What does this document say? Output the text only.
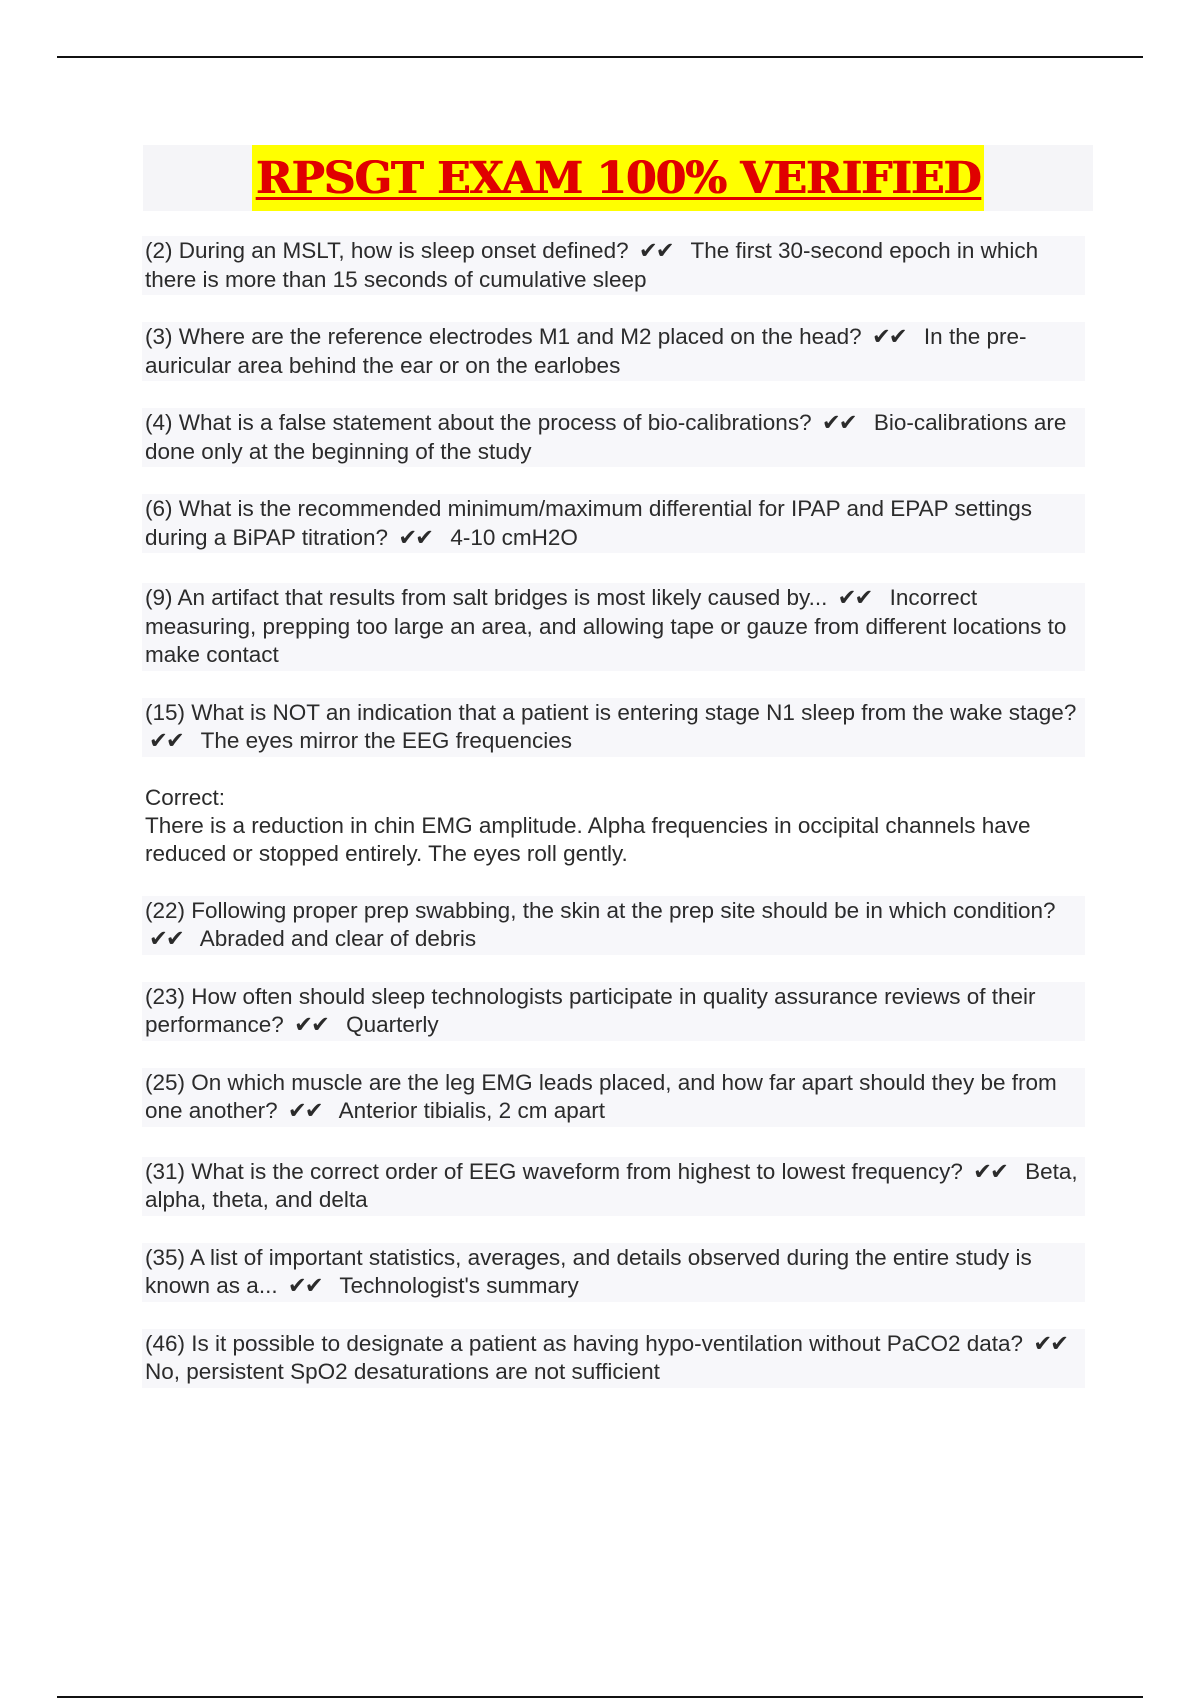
RPSGT EXAM 100% VERIFIED
(2) During an MSLT, how is sleep onset defined? ✔✔ The first 30-second epoch in which there is more than 15 seconds of cumulative sleep
(3) Where are the reference electrodes M1 and M2 placed on the head? ✔✔ In the pre-auricular area behind the ear or on the earlobes
(4) What is a false statement about the process of bio-calibrations? ✔✔ Bio-calibrations are done only at the beginning of the study
(6) What is the recommended minimum/maximum differential for IPAP and EPAP settings during a BiPAP titration? ✔✔ 4-10 cmH2O
(9) An artifact that results from salt bridges is most likely caused by... ✔✔ Incorrect measuring, prepping too large an area, and allowing tape or gauze from different locations to make contact
(15) What is NOT an indication that a patient is entering stage N1 sleep from the wake stage? ✔✔ The eyes mirror the EEG frequencies
Correct:
There is a reduction in chin EMG amplitude. Alpha frequencies in occipital channels have reduced or stopped entirely. The eyes roll gently.
(22) Following proper prep swabbing, the skin at the prep site should be in which condition? ✔✔ Abraded and clear of debris
(23) How often should sleep technologists participate in quality assurance reviews of their performance? ✔✔ Quarterly
(25) On which muscle are the leg EMG leads placed, and how far apart should they be from one another? ✔✔ Anterior tibialis, 2 cm apart
(31) What is the correct order of EEG waveform from highest to lowest frequency? ✔✔ Beta, alpha, theta, and delta
(35) A list of important statistics, averages, and details observed during the entire study is known as a... ✔✔ Technologist's summary
(46) Is it possible to designate a patient as having hypo-ventilation without PaCO2 data? ✔✔ No, persistent SpO2 desaturations are not sufficient
